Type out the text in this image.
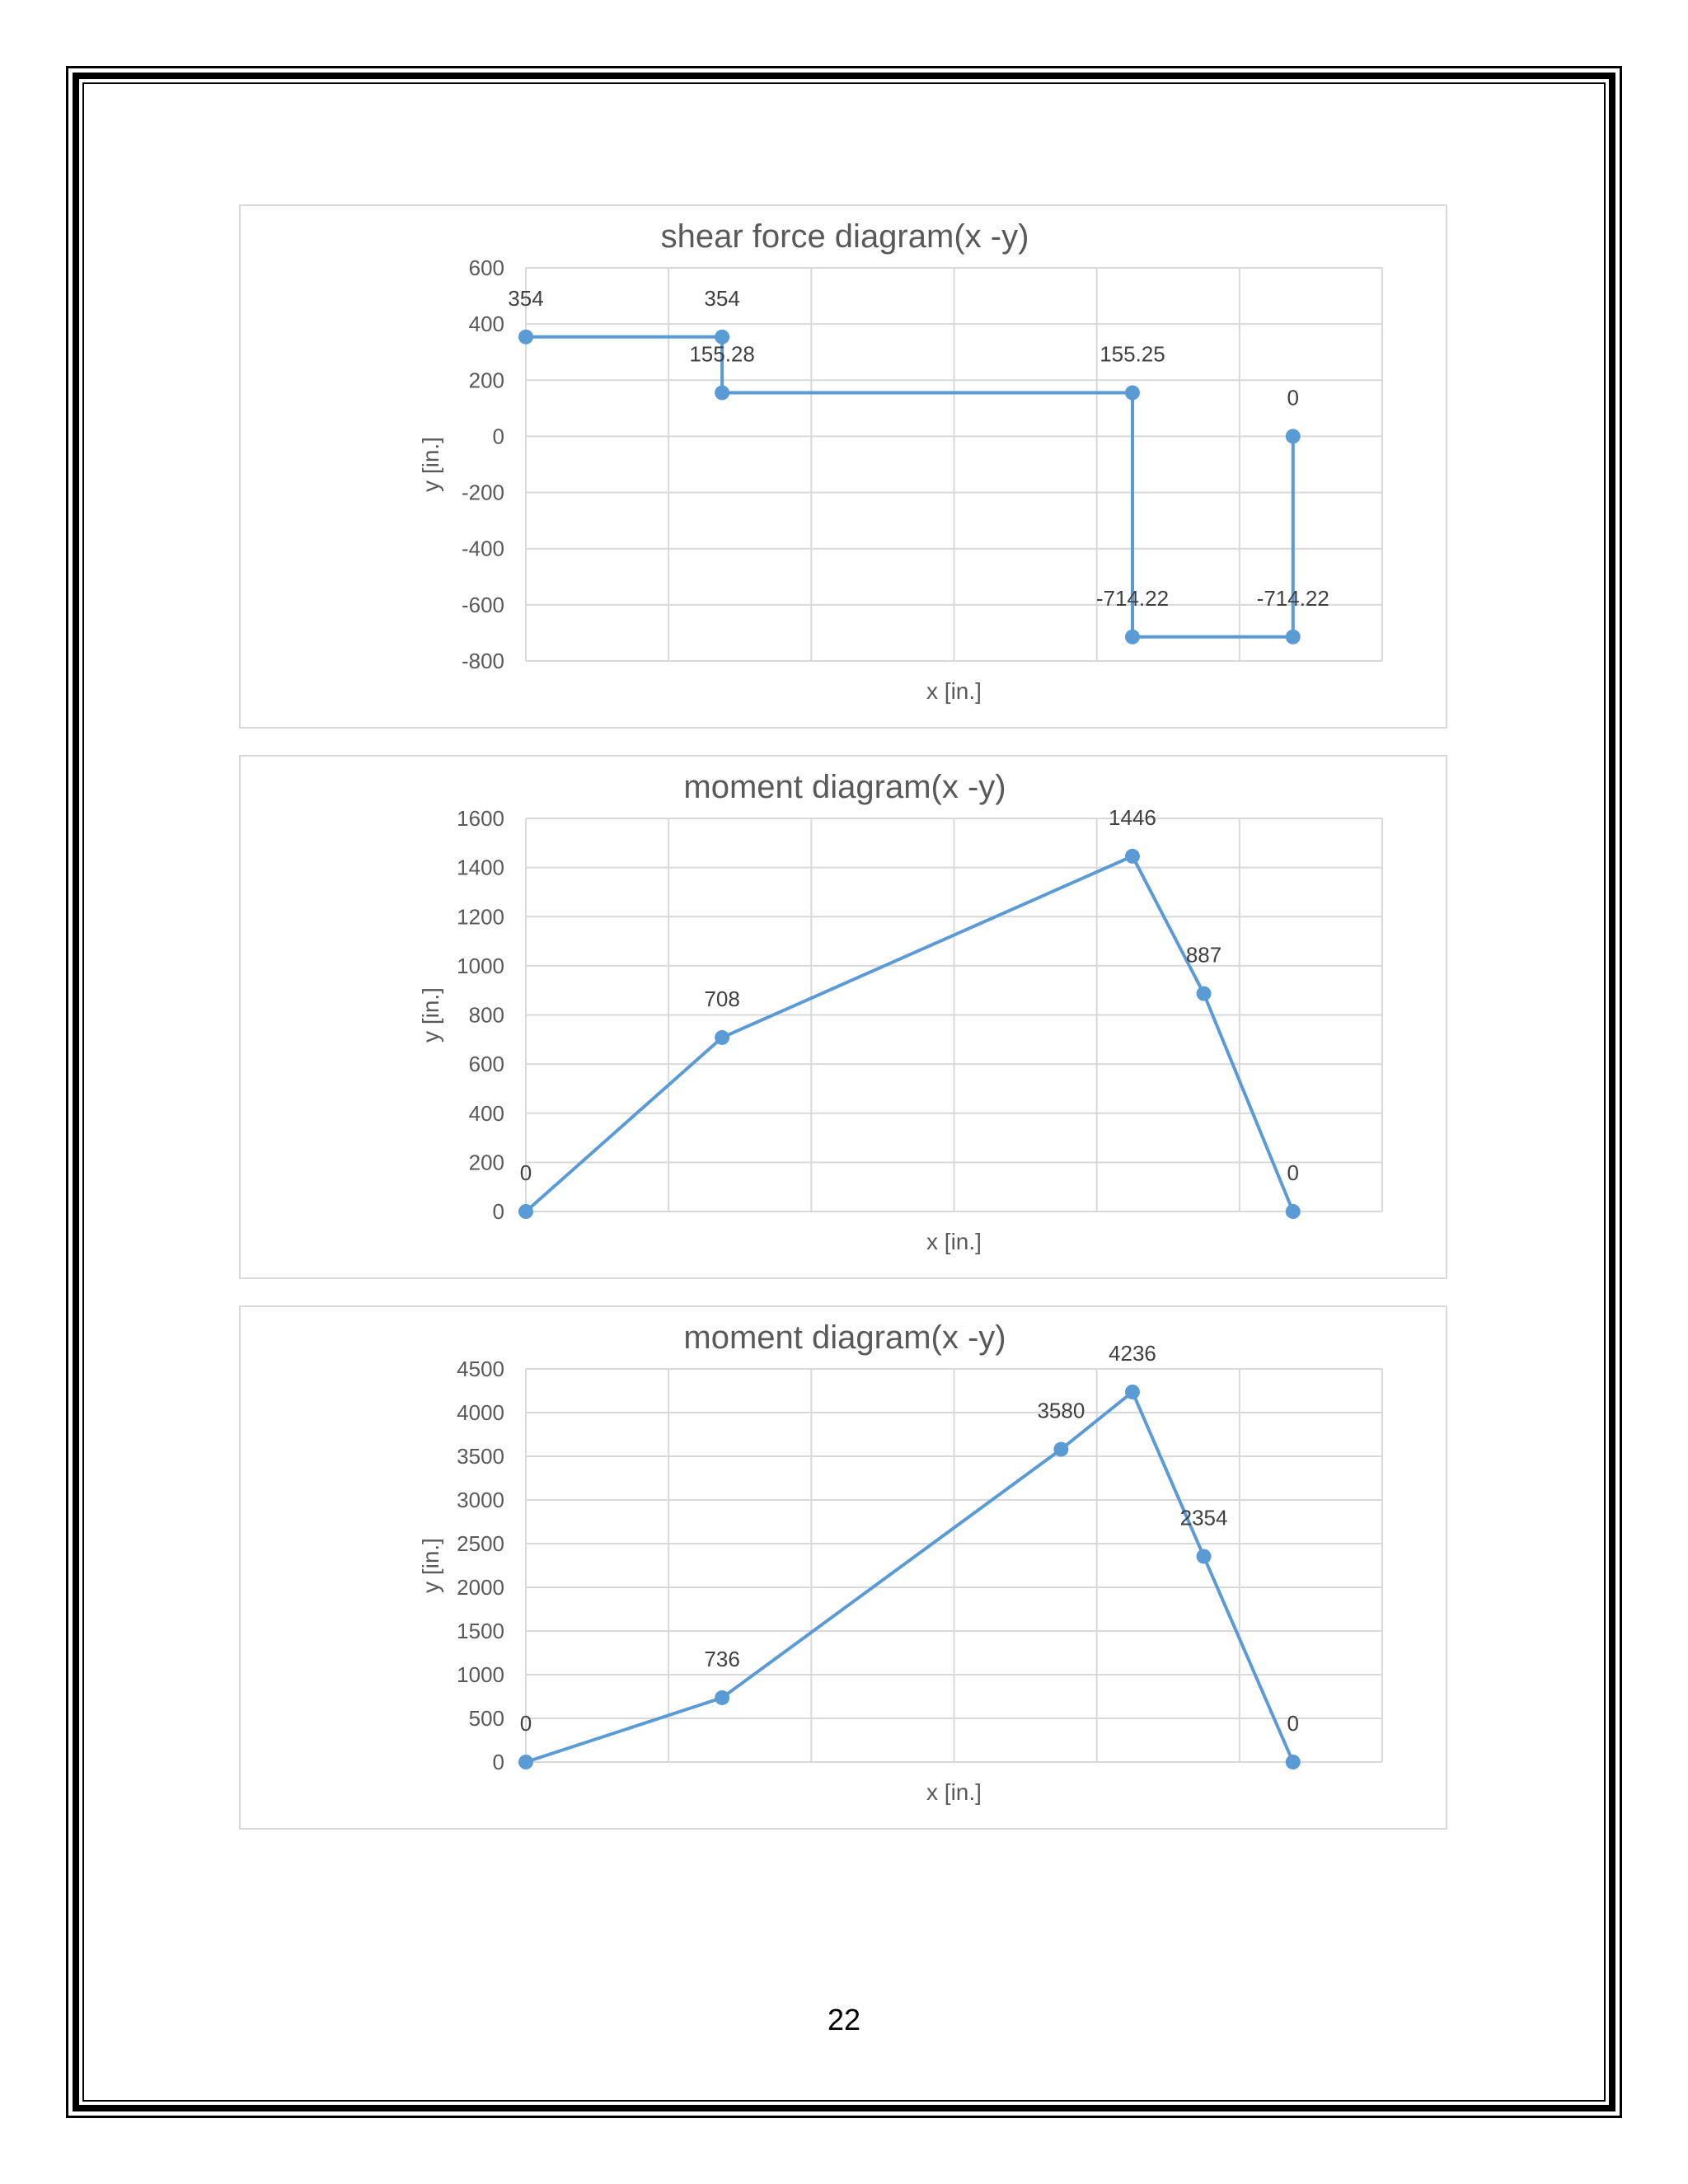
shear force diagram(x -y)
600
400
200
0
-200
-400
-600
-800
x [in.]
y [in.]
354	354
155.28	155.25
-714.22	-714.22
0
moment diagram(x -y)
1600
1400
1200
1000
800
600
400
200
0
x [in.]
y [in.]
0
708
1446
887
0
moment diagram(x -y)
4500
4000
3500
3000
2500
2000
1500
1000
500
0
x [in.]
y [in.]
0
736
3580
4236
2354
0
22
